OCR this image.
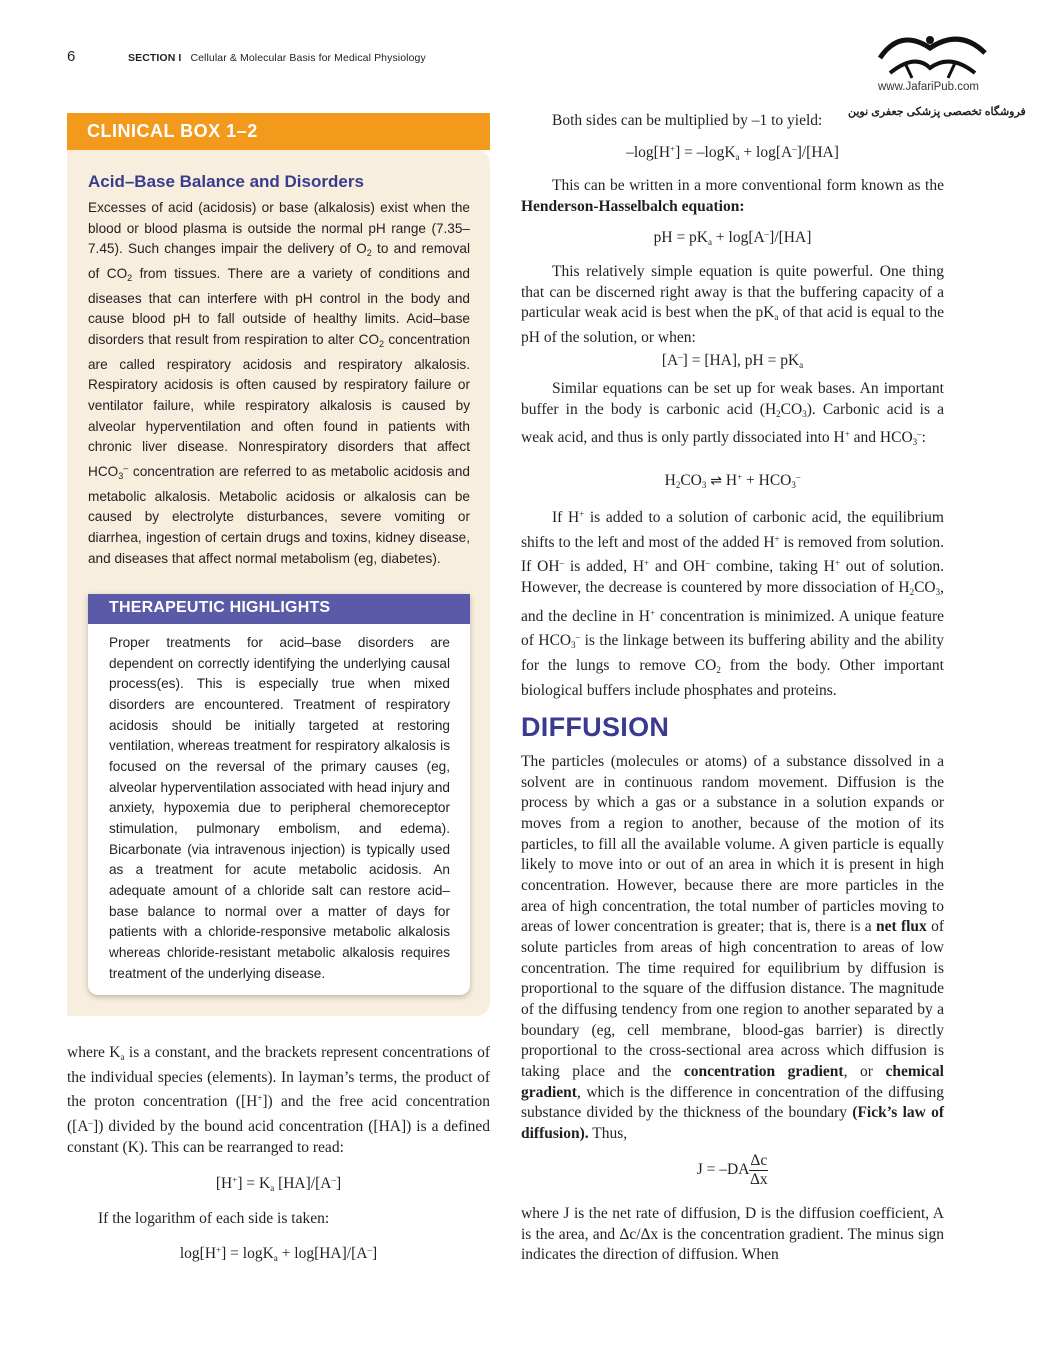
6	SECTION I Cellular & Molecular Basis for Medical Physiology
www.JafariPub.com
فروشگاه تخصصی پزشکی جعفری نوین
CLINICAL BOX 1–2
Acid–Base Balance and Disorders
Excesses of acid (acidosis) or base (alkalosis) exist when the blood or blood plasma is outside the normal pH range (7.35–7.45). Such changes impair the delivery of $O_2$ to and removal of $CO_2$ from tissues. There are a variety of conditions and diseases that can interfere with pH control in the body and cause blood pH to fall outside of healthy limits. Acid–base disorders that result from respiration to alter $CO_2$ concentration are called respiratory acidosis and respiratory alkalosis. Respiratory acidosis is often caused by respiratory failure or ventilator failure, while respiratory alkalosis is caused by alveolar hyperventilation and often found in patients with chronic liver disease. Nonrespiratory disorders that affect $HCO_3^-$ concentration are referred to as metabolic acidosis and metabolic alkalosis. Metabolic acidosis or alkalosis can be caused by electrolyte disturbances, severe vomiting or diarrhea, ingestion of certain drugs and toxins, kidney disease, and diseases that affect normal metabolism (eg, diabetes).
THERAPEUTIC HIGHLIGHTS
Proper treatments for acid–base disorders are dependent on correctly identifying the underlying causal process(es). This is especially true when mixed disorders are encountered. Treatment of respiratory acidosis should be initially targeted at restoring ventilation, whereas treatment for respiratory alkalosis is focused on the reversal of the primary causes (eg, alveolar hyperventilation associated with head injury and anxiety, hypoxemia due to peripheral chemoreceptor stimulation, pulmonary embolism, and edema). Bicarbonate (via intravenous injection) is typically used as a treatment for acute metabolic acidosis. An adequate amount of a chloride salt can restore acid–base balance to normal over a matter of days for patients with a chloride-responsive metabolic alkalosis whereas chloride-resistant metabolic alkalosis requires treatment of the underlying disease.
where $K_a$ is a constant, and the brackets represent concentrations of the individual species (elements). In layman’s terms, the product of the proton concentration ([H+]) and the free acid concentration ([A–]) divided by the bound acid concentration ([HA]) is a defined constant (K). This can be rearranged to read:
$[H^+] = K_a$ [HA]/[A–]
If the logarithm of each side is taken:
log[H+] = logK$_a$ + log[HA]/[A–]
Both sides can be multiplied by –1 to yield:
–log[H+] = –logK$_a$ + log[A–]/[HA]
This can be written in a more conventional form known as the Henderson-Hasselbalch equation:
pH = $pK_a + \log[A^-]/[HA]$
This relatively simple equation is quite powerful. One thing that can be discerned right away is that the buffering capacity of a particular weak acid is best when the $pK_a$ of that acid is equal to the pH of the solution, or when:
[A–] = [HA], pH = $pK_a$
Similar equations can be set up for weak bases. An important buffer in the body is carbonic acid $(H_2CO_3)$. Carbonic acid is a weak acid, and thus is only partly dissociated into H+ and $HCO_3^-$:
$H_2CO_3$ ⇌ $H^+ + HCO_3^-$
If H+ is added to a solution of carbonic acid, the equilibrium shifts to the left and most of the added H+ is removed from solution. If OH– is added, H+ and OH– combine, taking H+ out of solution. However, the decrease is countered by more dissociation of $H_2CO_3$, and the decline in H+ concentration is minimized. A unique feature of $HCO_3^-$ is the linkage between its buffering ability and the ability for the lungs to remove $CO_2$ from the body. Other important biological buffers include phosphates and proteins.
DIFFUSION
The particles (molecules or atoms) of a substance dissolved in a solvent are in continuous random movement. Diffusion is the process by which a gas or a substance in a solution expands or moves from a region to another, because of the motion of its particles, to fill all the available volume. A given particle is equally likely to move into or out of an area in which it is present in high concentration. However, because there are more particles in the area of high concentration, the total number of particles moving to areas of lower concentration is greater; that is, there is a net flux of solute particles from areas of high concentration to areas of low concentration. The time required for equilibrium by diffusion is proportional to the square of the diffusion distance. The magnitude of the diffusing tendency from one region to another separated by a boundary (eg, cell membrane, blood-gas barrier) is directly proportional to the cross-sectional area across which diffusion is taking place and the concentration gradient, or chemical gradient, which is the difference in concentration of the diffusing substance divided by the thickness of the boundary (Fick’s law of diffusion). Thus,
$J = -DA \frac{\Delta c}{\Delta x}$
where J is the net rate of diffusion, D is the diffusion coefficient, A is the area, and Δc/Δx is the concentration gradient. The minus sign indicates the direction of diffusion. When
